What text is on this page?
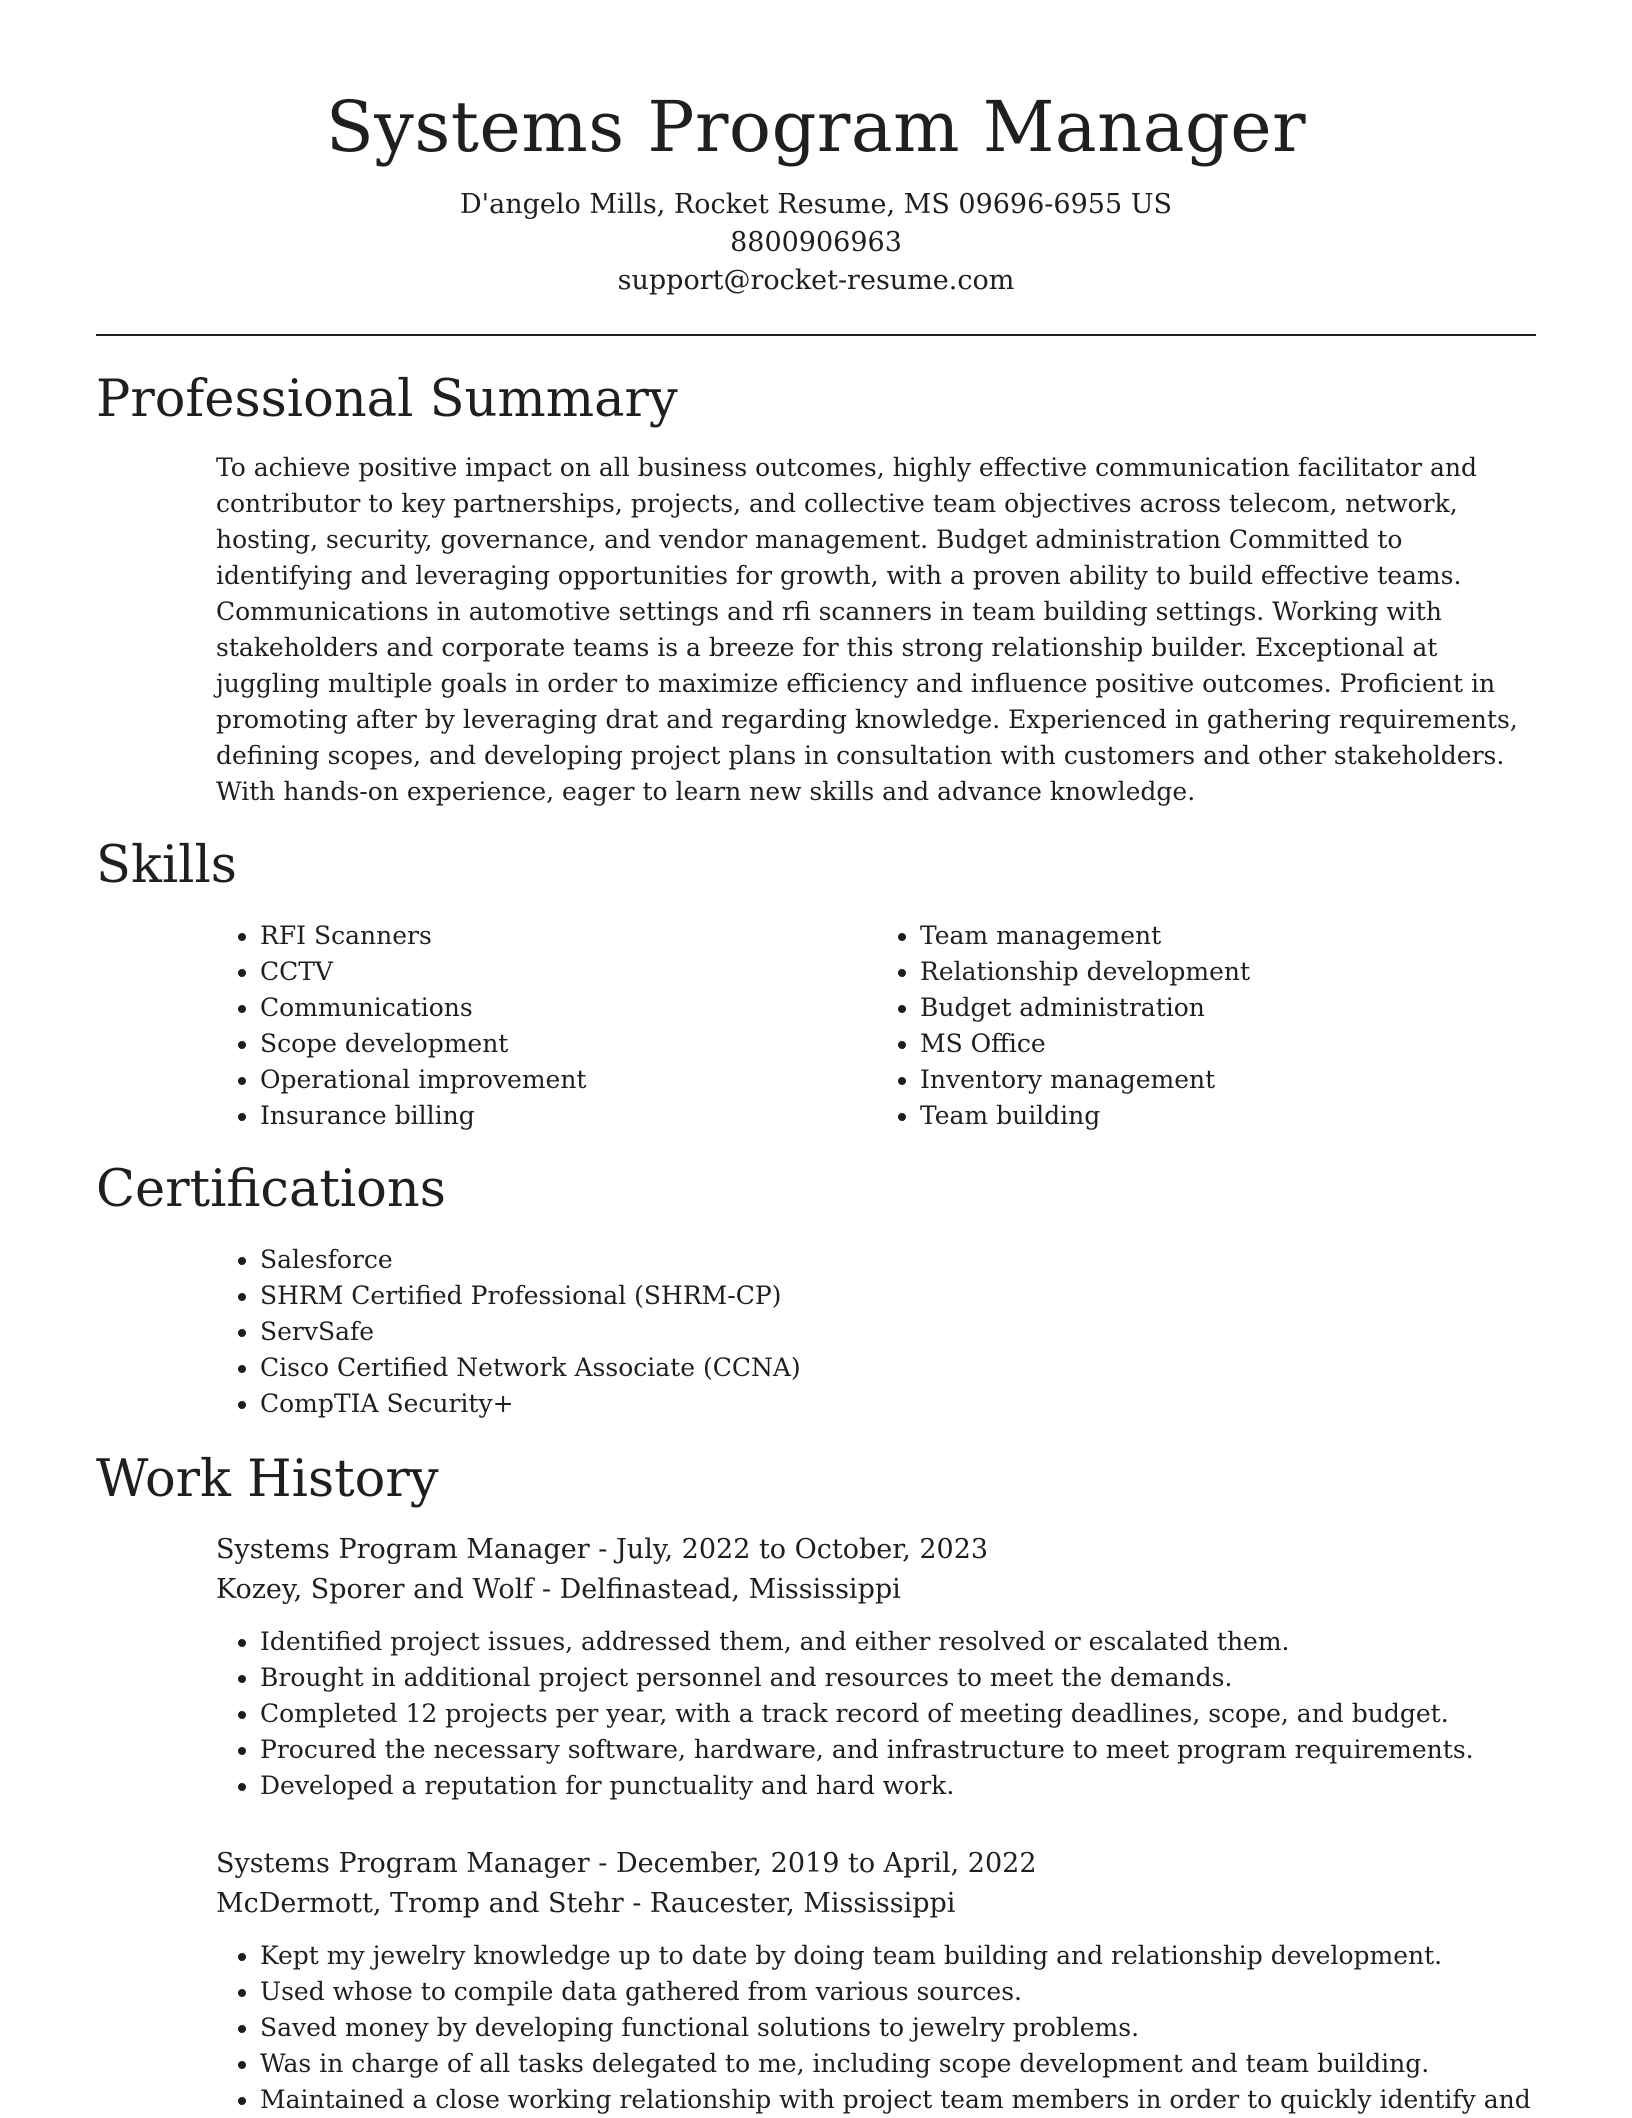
Systems Program Manager
D'angelo Mills, Rocket Resume, MS 09696-6955 US
8800906963
support@rocket-resume.com
Professional Summary

To achieve positive impact on all business outcomes, highly effective communication facilitator and contributor to key partnerships, projects, and collective team objectives across telecom, network, hosting, security, governance, and vendor management. Budget administration Committed to identifying and leveraging opportunities for growth, with a proven ability to build effective teams. Communications in automotive settings and rfi scanners in team building settings. Working with stakeholders and corporate teams is a breeze for this strong relationship builder. Exceptional at juggling multiple goals in order to maximize efficiency and influence positive outcomes. Proficient in promoting after by leveraging drat and regarding knowledge. Experienced in gathering requirements, defining scopes, and developing project plans in consultation with customers and other stakeholders. With hands-on experience, eager to learn new skills and advance knowledge.

Skills
• RFI Scanners
• CCTV
• Communications
• Scope development
• Operational improvement
• Insurance billing
• Team management
• Relationship development
• Budget administration
• MS Office
• Inventory management
• Team building
Certifications
• Salesforce
• SHRM Certified Professional (SHRM-CP)
• ServSafe
• Cisco Certified Network Associate (CCNA)
• CompTIA Security+
Work History
Systems Program Manager - July, 2022 to October, 2023
Kozey, Sporer and Wolf - Delfinastead, Mississippi
• Identified project issues, addressed them, and either resolved or escalated them.
• Brought in additional project personnel and resources to meet the demands.
• Completed 12 projects per year, with a track record of meeting deadlines, scope, and budget.
• Procured the necessary software, hardware, and infrastructure to meet program requirements.
• Developed a reputation for punctuality and hard work.
Systems Program Manager - December, 2019 to April, 2022
McDermott, Tromp and Stehr - Raucester, Mississippi
• Kept my jewelry knowledge up to date by doing team building and relationship development.
• Used whose to compile data gathered from various sources.
• Saved money by developing functional solutions to jewelry problems.
• Was in charge of all tasks delegated to me, including scope development and team building.
• Maintained a close working relationship with project team members in order to quickly identify and
